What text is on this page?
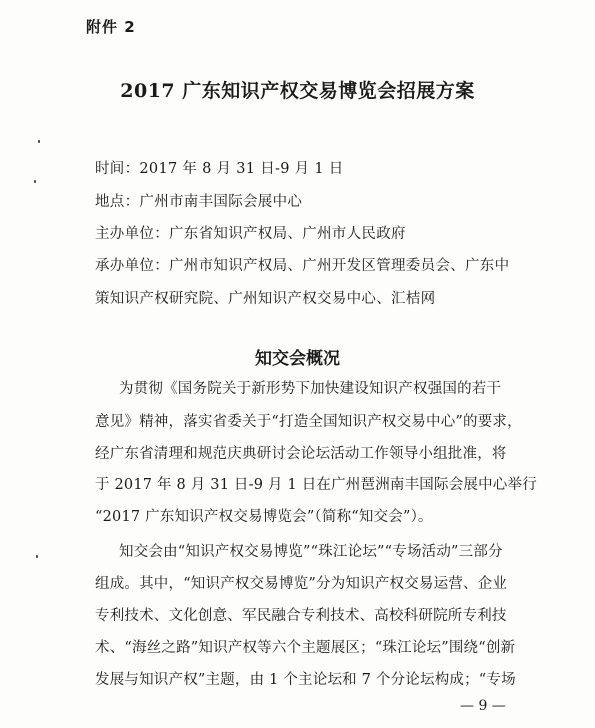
附件 2
2017 广东知识产权交易博览会招展方案
时间：2017 年 8 月 31 日-9 月 1 日
地点：广州市南丰国际会展中心
主办单位：广东省知识产权局、广州市人民政府
承办单位：广州市知识产权局、广州开发区管理委员会、广东中
策知识产权研究院、广州知识产权交易中心、汇桔网
知交会概况
为贯彻《国务院关于新形势下加快建设知识产权强国的若干
意见》精神，落实省委关于“打造全国知识产权交易中心”的要求，
经广东省清理和规范庆典研讨会论坛活动工作领导小组批准，将
于 2017 年 8 月 31 日-9 月 1 日在广州琶洲南丰国际会展中心举行
“2017 广东知识产权交易博览会”（简称“知交会”）。
知交会由“知识产权交易博览”“珠江论坛”“专场活动”三部分
组成。其中，“知识产权交易博览”分为知识产权交易运营、企业
专利技术、文化创意、军民融合专利技术、高校科研院所专利技
术、“海丝之路”知识产权等六个主题展区；“珠江论坛”围绕“创新
发展与知识产权”主题，由 1 个主论坛和 7 个分论坛构成；“专场
— 9 —
